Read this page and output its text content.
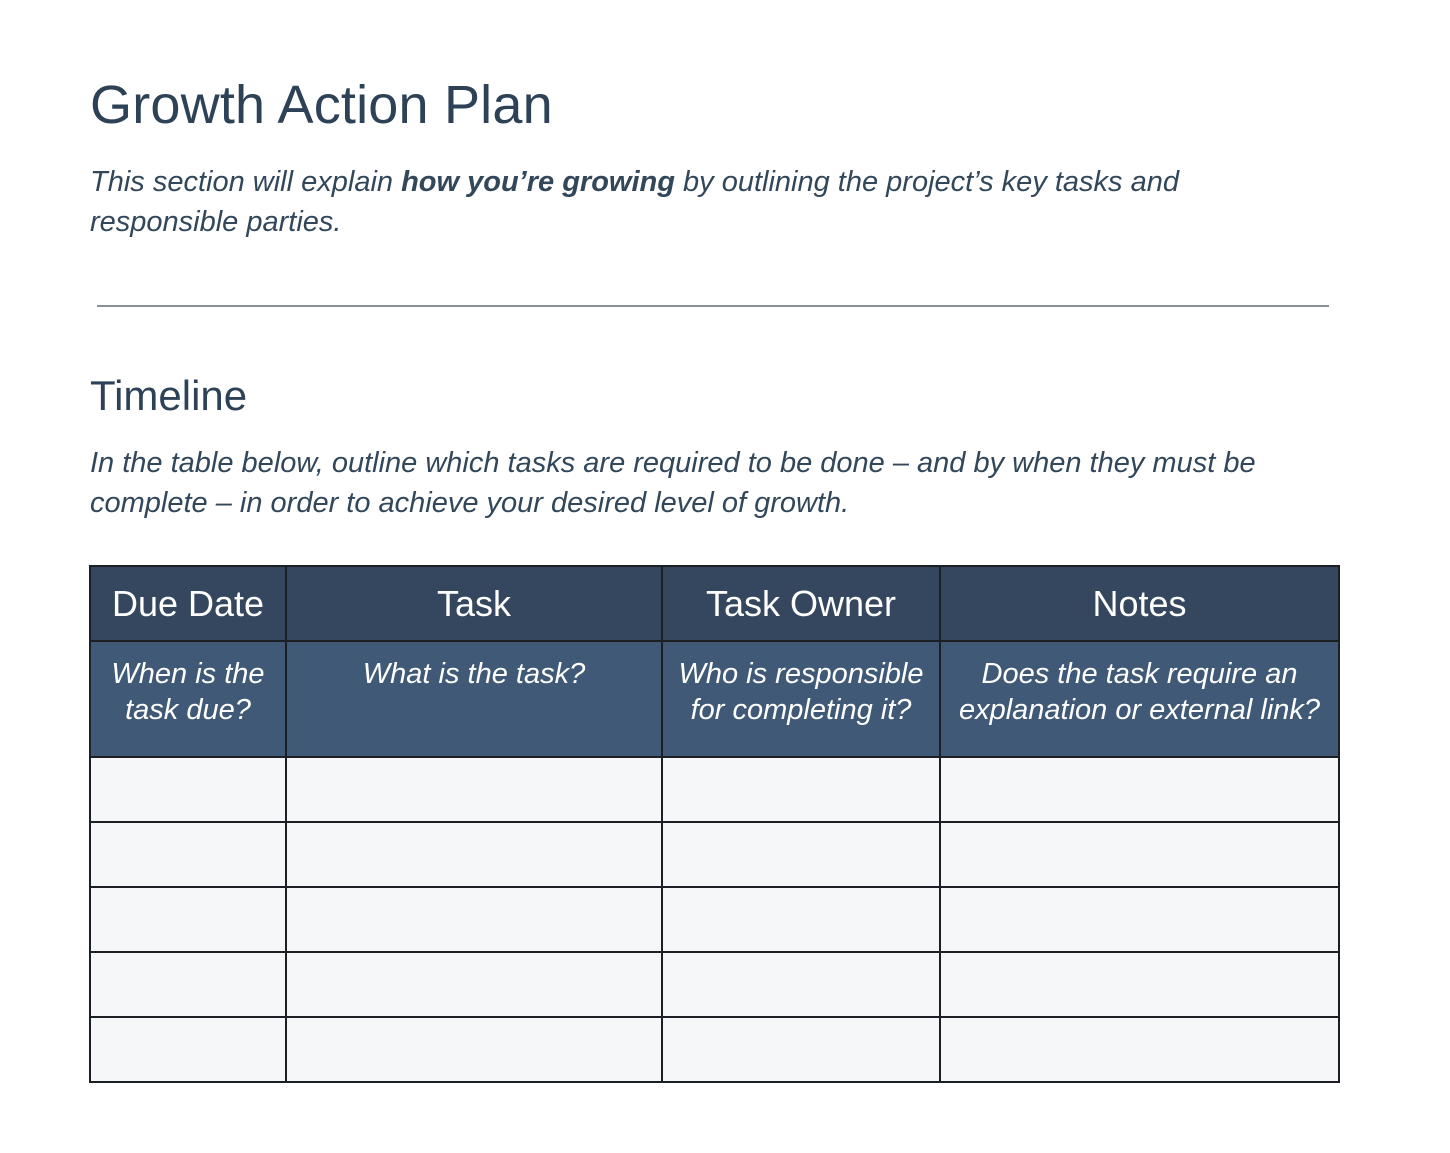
Growth Action Plan

This section will explain how you’re growing by outlining the project’s key tasks and responsible parties.

Timeline

In the table below, outline which tasks are required to be done – and by when they must be complete – in order to achieve your desired level of growth.

Due Date	Task	Task Owner	Notes
When is the task due?	What is the task?	Who is responsible for completing it?	Does the task require an explanation or external link?
